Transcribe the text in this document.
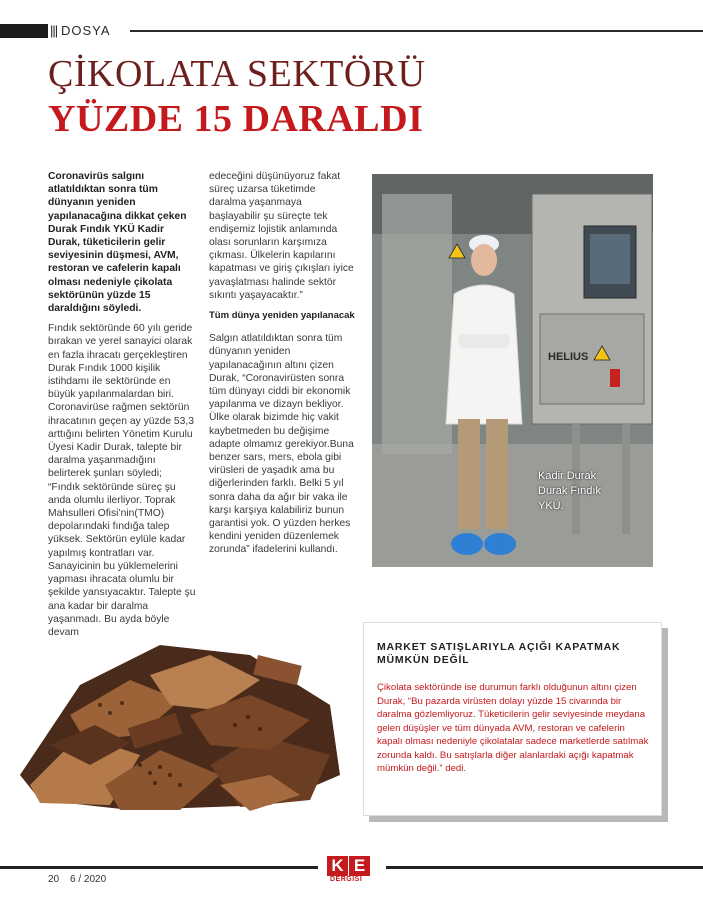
||| DOSYA
ÇİKOLATA SEKTÖRÜ
YÜZDE 15 DARALDI

Coronavirüs salgını atlatıldıktan sonra tüm dünyanın yeniden yapılanacağına dikkat çeken Durak Fındık YKÜ Kadir Durak, tüketicilerin gelir seviyesinin düşmesi, AVM, restoran ve cafelerin kapalı olması nedeniyle çikolata sektörünün yüzde 15 daraldığını söyledi.

Fındık sektöründe 60 yılı geride bırakan ve yerel sanayici olarak en fazla ihracatı gerçekleştiren Durak Fındık 1000 kişilik istihdamı ile sektöründe en büyük yapılanmalardan biri. Coronavirüse rağmen sektörün ihracatının geçen ay yüzde 53,3 arttığını belirten Yönetim Kurulu Üyesi Kadir Durak, talepte bir daralma yaşanmadığını belirterek şunları söyledi; “Fındık sektöründe süreç şu anda olumlu ilerliyor. Toprak Mahsulleri Ofisi’nin(TMO) depolarındaki fındığa talep yüksek. Sektörün eylüle kadar yapılmış kontratları var. Sanayicinin bu yüklemelerini yapması ihracata olumlu bir şekilde yansıyacaktır. Talepte şu ana kadar bir daralma yaşanmadı. Bu ayda böyle devam

edeceğini düşünüyoruz fakat süreç uzarsa tüketimde daralma yaşanmaya başlayabilir şu süreçte tek endişemiz lojistik anlamında olası sorunların karşımıza çıkması. Ülkelerin kapılarını kapatması ve giriş çıkışları iyice yavaşlatması halinde sektör sıkıntı yaşayacaktır.”

Tüm dünya yeniden yapılanacak

Salgın atlatıldıktan sonra tüm dünyanın yeniden yapılanacağının altını çizen Durak, “Coronavirüsten sonra tüm dünyayı ciddi bir ekonomik yapılanma ve dizayn bekliyor. Ülke olarak bizimde hiç vakit kaybetmeden bu değişime adapte olmamız gerekiyor.Buna benzer sars, mers, ebola gibi virüsleri de yaşadık ama bu diğerlerinden farklı. Belki 5 yıl sonra daha da ağır bir vaka ile karşı karşıya kalabiliriz bunun garantisi yok. O yüzden herkes kendini yeniden düzenlemek zorunda” ifadelerini kullandı.

HELIUS
Kadir Durak
Durak Fındık
YKÜ.
MARKET SATIŞLARIYLA AÇIĞI KAPATMAK MÜMKÜN DEĞİL
Çikolata sektöründe ise durumun farklı olduğunun altını çizen Durak, “Bu pazarda virüsten dolayı yüzde 15 civarında bir daralma gözlemliyoruz. Tüketicilerin gelir seviyesinde meydana gelen düşüşler ve tüm dünyada AVM, restoran ve cafelerin kapalı olması nedeniyle çikolatalar sadece marketlerde satılmak zorunda kaldı. Bu satışlarla diğer alanlardaki açığı kapatmak mümkün değil.” dedi.
K E
DERGİSİ
20 6 / 2020
